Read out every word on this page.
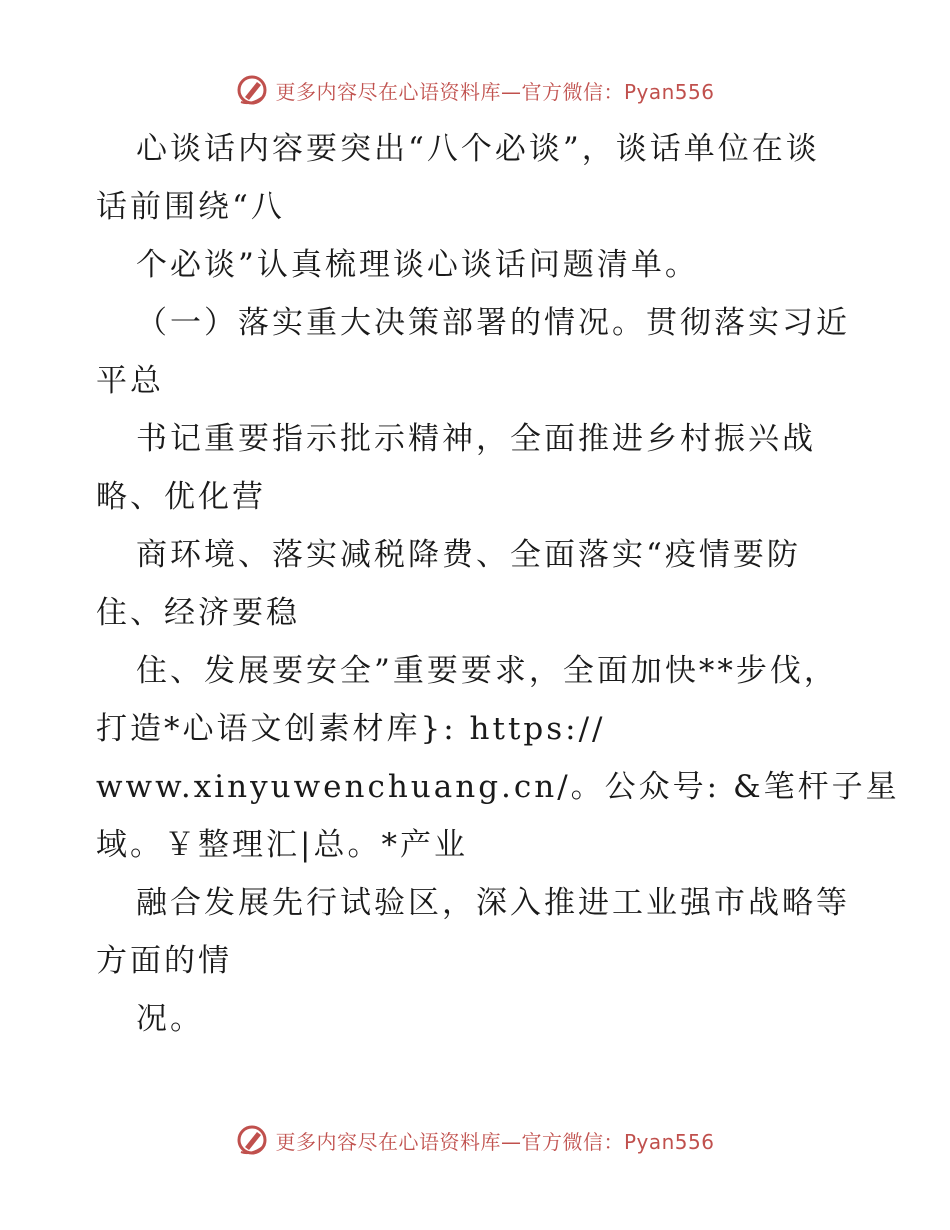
更多内容尽在心语资料库—官方微信：Pyan556

心谈话内容要突出“八个必谈”，谈话单位在谈

话前围绕“八

个必谈”认真梳理谈心谈话问题清单。

（一）落实重大决策部署的情况。贯彻落实习近

平总

书记重要指示批示精神，全面推进乡村振兴战

略、优化营

商环境、落实减税降费、全面落实“疫情要防

住、经济要稳

住、发展要安全”重要要求，全面加快**步伐，

打造*心语文创素材库}: https://

www.xinyuwenchuang.cn/。公众号: &笔杆子星

域。￥整理汇|总。*产业

融合发展先行试验区，深入推进工业强市战略等

方面的情

况。

更多内容尽在心语资料库—官方微信：Pyan556
